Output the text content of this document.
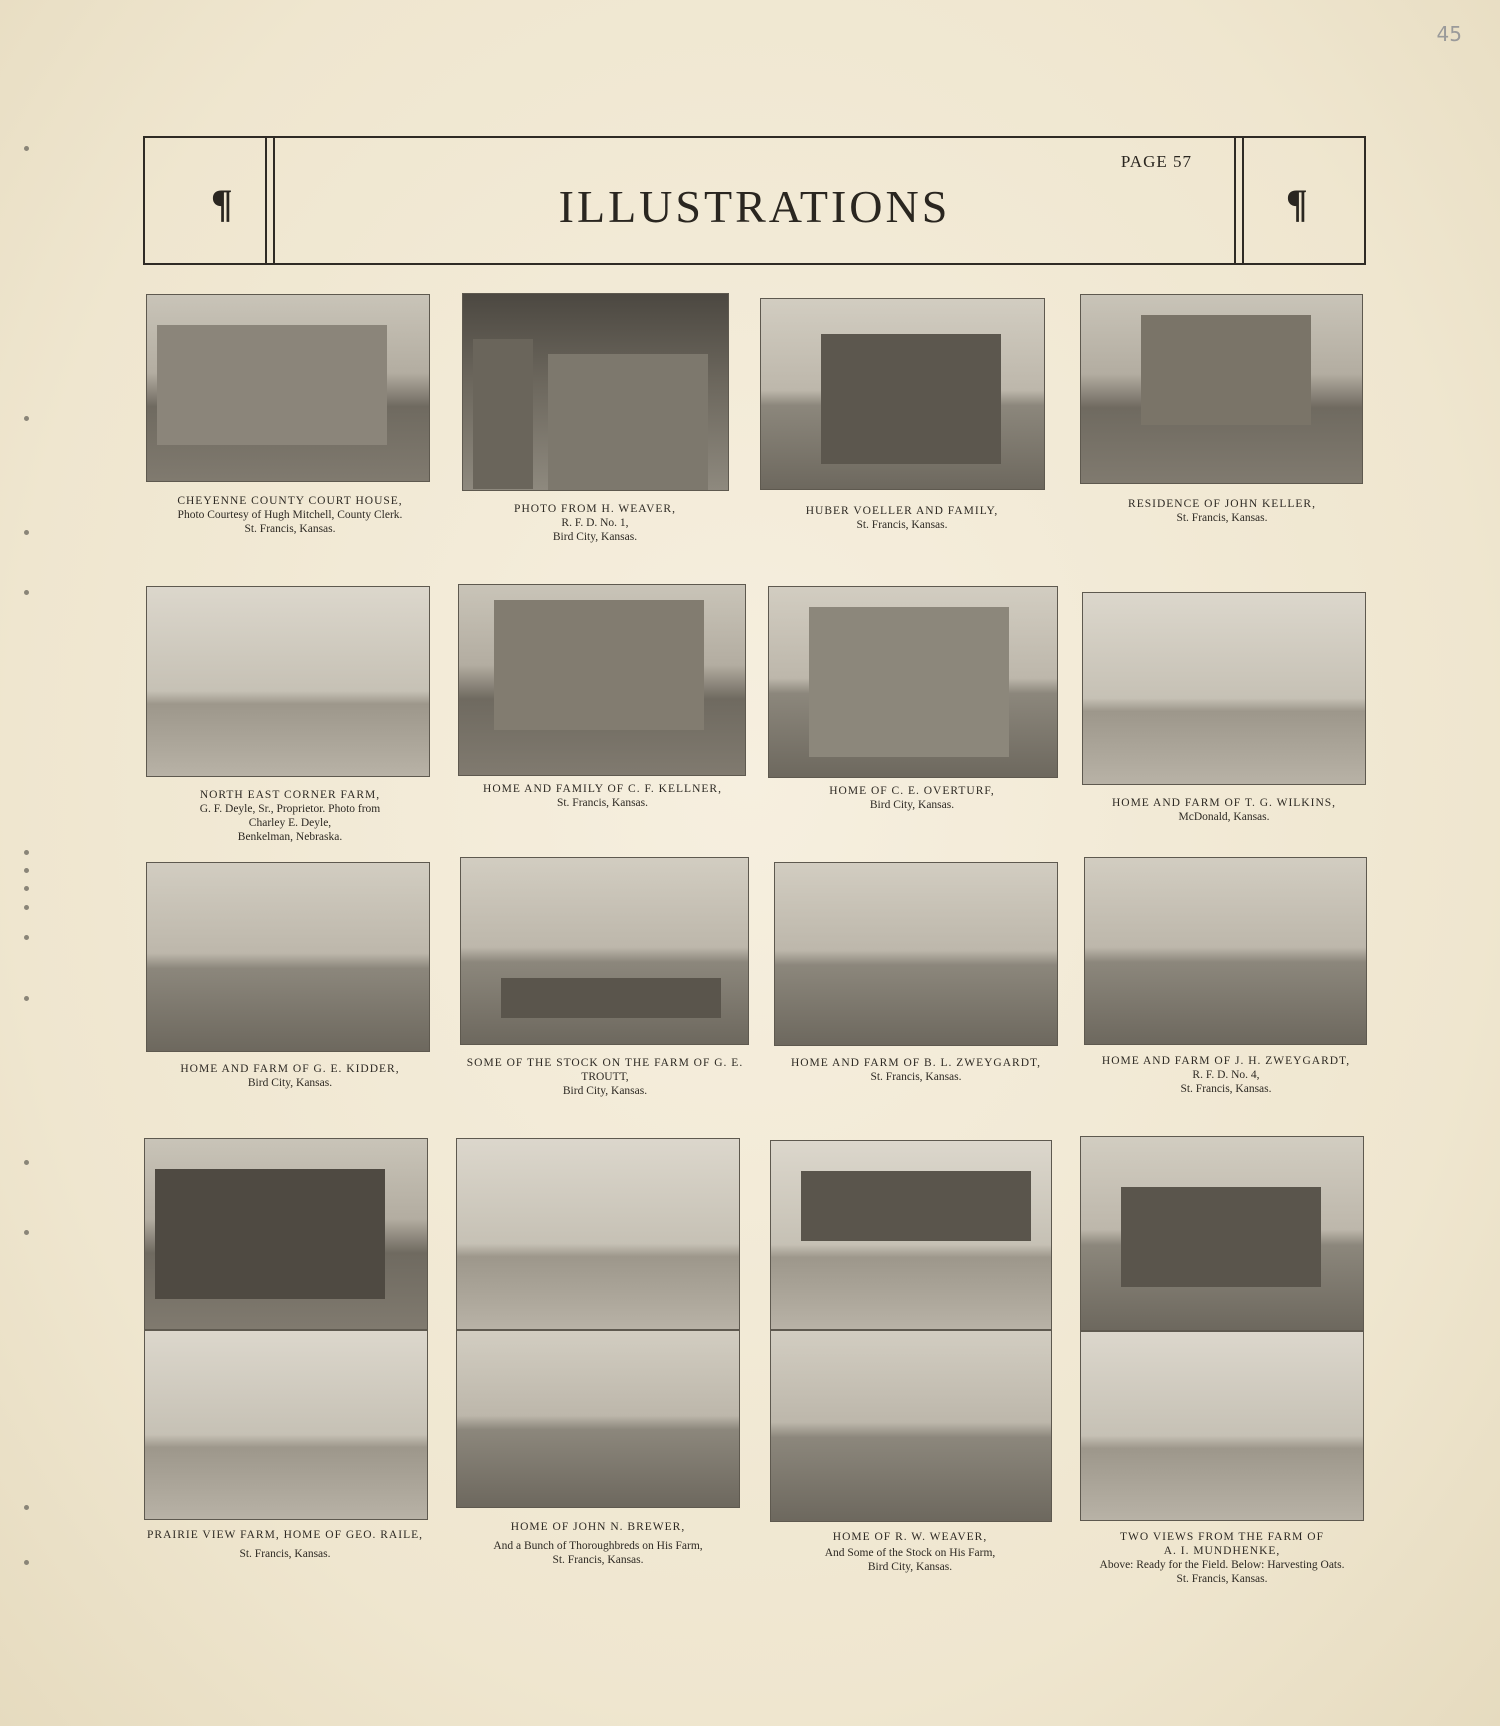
45
¶	¶
PAGE 57
ILLUSTRATIONS
CHEYENNE COUNTY COURT HOUSE,
Photo Courtesy of Hugh Mitchell, County Clerk.
St. Francis, Kansas.
PHOTO FROM H. WEAVER,
R. F. D. No. 1,
Bird City, Kansas.
HUBER VOELLER AND FAMILY,
St. Francis, Kansas.
RESIDENCE OF JOHN KELLER,
St. Francis, Kansas.
NORTH EAST CORNER FARM,
G. F. Deyle, Sr., Proprietor. Photo from
Charley E. Deyle,
Benkelman, Nebraska.
HOME AND FAMILY OF C. F. KELLNER,
St. Francis, Kansas.
HOME OF C. E. OVERTURF,
Bird City, Kansas.	HOME AND FARM OF T. G. WILKINS,
McDonald, Kansas.
HOME AND FARM OF G. E. KIDDER,
Bird City, Kansas.
SOME OF THE STOCK ON THE FARM OF G. E.
TROUTT,
Bird City, Kansas.
HOME AND FARM OF B. L. ZWEYGARDT,
St. Francis, Kansas.
HOME AND FARM OF J. H. ZWEYGARDT,
R. F. D. No. 4,
St. Francis, Kansas.
PRAIRIE VIEW FARM, HOME OF GEO. RAILE,
St. Francis, Kansas.
HOME OF JOHN N. BREWER,
And a Bunch of Thoroughbreds on His Farm,
St. Francis, Kansas.
HOME OF R. W. WEAVER,
And Some of the Stock on His Farm,
Bird City, Kansas.
TWO VIEWS FROM THE FARM OF
A. I. MUNDHENKE,
Above: Ready for the Field. Below: Harvesting Oats.
St. Francis, Kansas.
